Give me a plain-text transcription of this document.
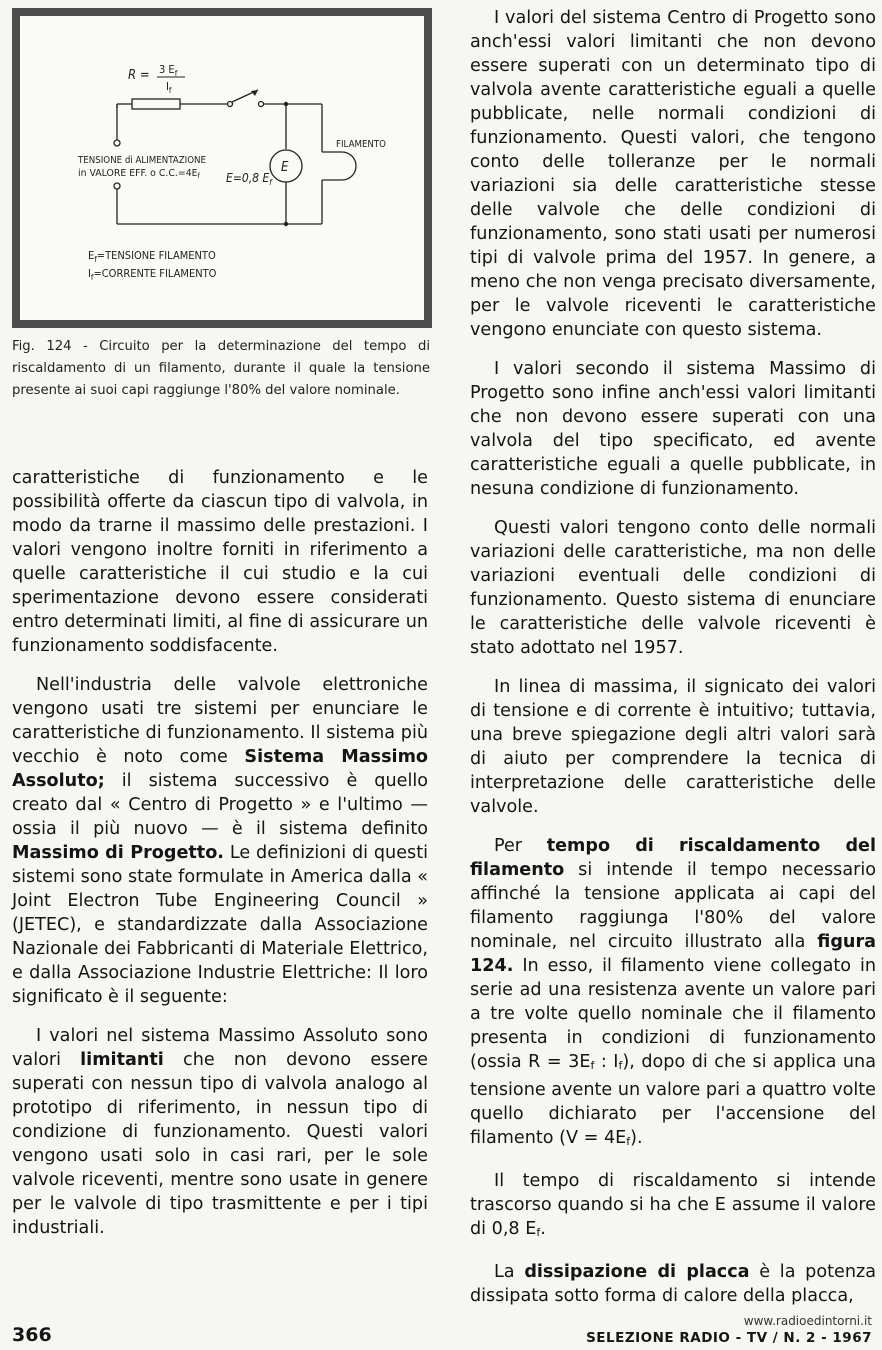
R = 3 $E_f$
$I_f$
TENSIONE di ALIMENTAZIONE
in VALORE EFF. o C.C.=4E $_f$ E=0,8 $E_f$
E
FILAMENTO
$E_f=TENSIONE$ FILAMENTO
$I_f=CORRENTE$ FILAMENTO
Fig. 124 - Circuito per la determinazione del tempo di riscaldamento di un filamento, durante il quale la tensione presente ai suoi capi raggiunge l'80% del valore nominale.

caratteristiche di funzionamento e le possibilità offerte da ciascun tipo di valvola, in modo da trarne il massimo delle prestazioni. I valori vengono inoltre forniti in riferimento a quelle caratteristiche il cui studio e la cui sperimentazione devono essere considerati entro determinati limiti, al fine di assicurare un funzionamento soddisfacente.

Nell'industria delle valvole elettroniche vengono usati tre sistemi per enunciare le caratteristiche di funzionamento. Il sistema più vecchio è noto come Sistema Massimo Assoluto; il sistema successivo è quello creato dal « Centro di Progetto » e l'ultimo — ossia il più nuovo — è il sistema definito Massimo di Progetto. Le definizioni di questi sistemi sono state formulate in America dalla « Joint Electron Tube Engineering Council » (JETEC), e standardizzate dalla Associazione Nazionale dei Fabbricanti di Materiale Elettrico, e dalla Associazione Industrie Elettriche: Il loro significato è il seguente:

I valori nel sistema Massimo Assoluto sono valori limitanti che non devono essere superati con nessun tipo di valvola analogo al prototipo di riferimento, in nessun tipo di condizione di funzionamento. Questi valori vengono usati solo in casi rari, per le sole valvole riceventi, mentre sono usate in genere per le valvole di tipo trasmittente e per i tipi industriali.

I valori del sistema Centro di Progetto sono anch'essi valori limitanti che non devono essere superati con un determinato tipo di valvola avente caratteristiche eguali a quelle pubblicate, nelle normali condizioni di funzionamento. Questi valori, che tengono conto delle tolleranze per le normali variazioni sia delle caratteristiche stesse delle valvole che delle condizioni di funzionamento, sono stati usati per numerosi tipi di valvole prima del 1957. In genere, a meno che non venga precisato diversamente, per le valvole riceventi le caratteristiche vengono enunciate con questo sistema.

I valori secondo il sistema Massimo di Progetto sono infine anch'essi valori limitanti che non devono essere superati con una valvola del tipo specificato, ed avente caratteristiche eguali a quelle pubblicate, in nesuna condizione di funzionamento.

Questi valori tengono conto delle normali variazioni delle caratteristiche, ma non delle variazioni eventuali delle condizioni di funzionamento. Questo sistema di enunciare le caratteristiche delle valvole riceventi è stato adottato nel 1957.

In linea di massima, il signicato dei valori di tensione e di corrente è intuitivo; tuttavia, una breve spiegazione degli altri valori sarà di aiuto per comprendere la tecnica di interpretazione delle caratteristiche delle valvole.

Per tempo di riscaldamento del filamento si intende il tempo necessario affinché la tensione applicata ai capi del filamento raggiunga l'80% del valore nominale, nel circuito illustrato alla figura 124. In esso, il filamento viene collegato in serie ad una resistenza avente un valore pari a tre volte quello nominale che il filamento presenta in condizioni di funzionamento (ossia $R = 3E_f$ : $I_f$), dopo di che si applica una tensione avente un valore pari a quattro volte quello dichiarato per l'accensione del filamento $(V = 4E_f)$.

Il tempo di riscaldamento si intende trascorso quando si ha che E assume il valore di 0,8 $E_f$.

La dissipazione di placca è la potenza dissipata sotto forma di calore della placca,

366
www.radioedintorni.it
SELEZIONE RADIO - TV / N. 2 - 1967
